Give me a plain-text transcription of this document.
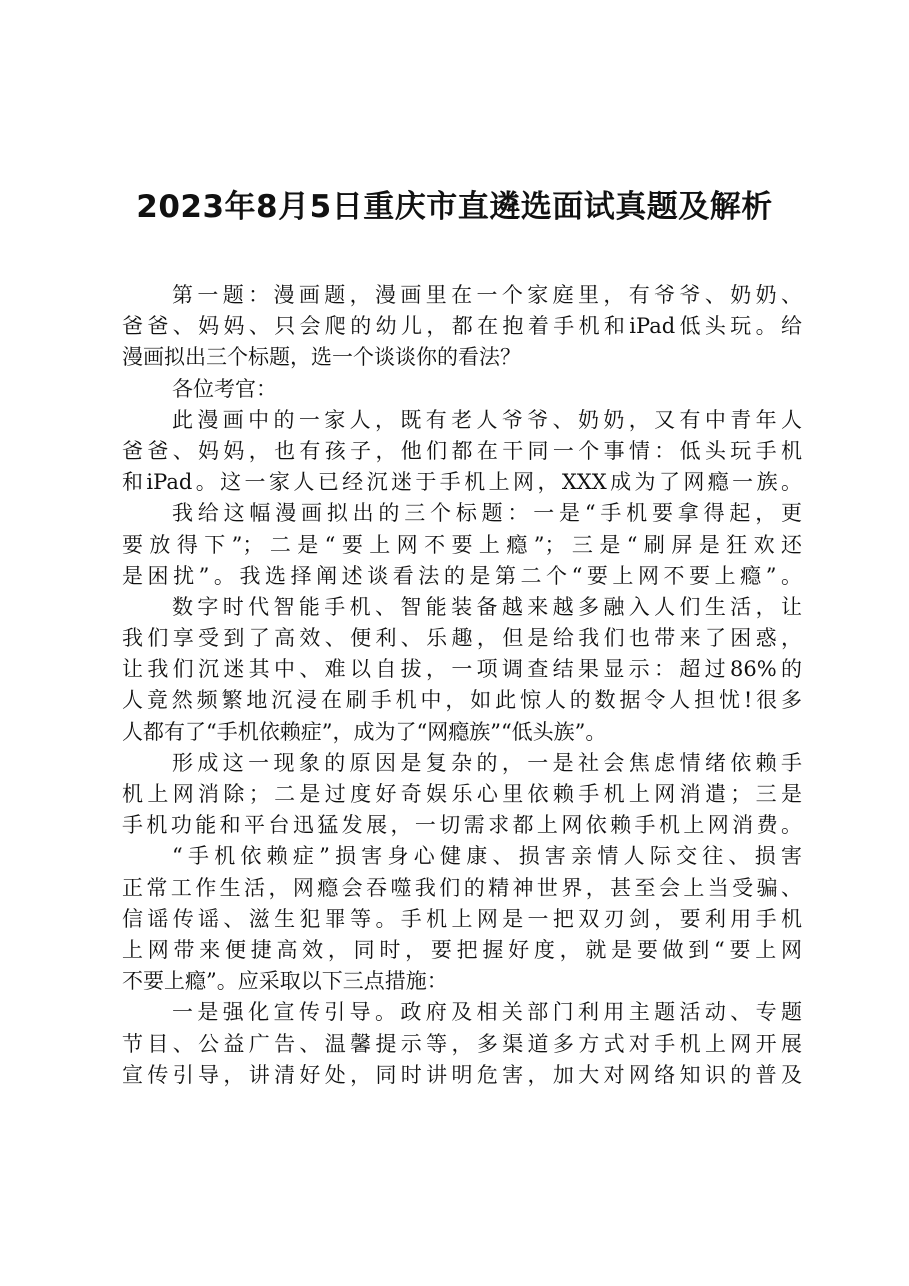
2023年8月5日重庆市直遴选面试真题及解析
第一题：漫画题，漫画里在一个家庭里，有爷爷、奶奶、
爸爸、妈妈、只会爬的幼儿，都在抱着手机和iPad低头玩。给
漫画拟出三个标题，选一个谈谈你的看法？
各位考官：
此漫画中的一家人，既有老人爷爷、奶奶，又有中青年人
爸爸、妈妈，也有孩子，他们都在干同一个事情：低头玩手机
和iPad。这一家人已经沉迷于手机上网，XXX成为了网瘾一族。
我给这幅漫画拟出的三个标题：一是“手机要拿得起，更
要放得下”；二是“要上网不要上瘾”；三是“刷屏是狂欢还
是困扰”。我选择阐述谈看法的是第二个“要上网不要上瘾”。
数字时代智能手机、智能装备越来越多融入人们生活，让
我们享受到了高效、便利、乐趣，但是给我们也带来了困惑，
让我们沉迷其中、难以自拔，一项调查结果显示：超过86%的
人竟然频繁地沉浸在刷手机中，如此惊人的数据令人担忧!很多
人都有了“手机依赖症”，成为了“网瘾族”“低头族”。
形成这一现象的原因是复杂的，一是社会焦虑情绪依赖手
机上网消除；二是过度好奇娱乐心里依赖手机上网消遣；三是
手机功能和平台迅猛发展，一切需求都上网依赖手机上网消费。
“手机依赖症”损害身心健康、损害亲情人际交往、损害
正常工作生活，网瘾会吞噬我们的精神世界，甚至会上当受骗、
信谣传谣、滋生犯罪等。手机上网是一把双刃剑，要利用手机
上网带来便捷高效，同时，要把握好度，就是要做到“要上网
不要上瘾”。应采取以下三点措施：
一是强化宣传引导。政府及相关部门利用主题活动、专题
节目、公益广告、温馨提示等，多渠道多方式对手机上网开展
宣传引导，讲清好处，同时讲明危害，加大对网络知识的普及
